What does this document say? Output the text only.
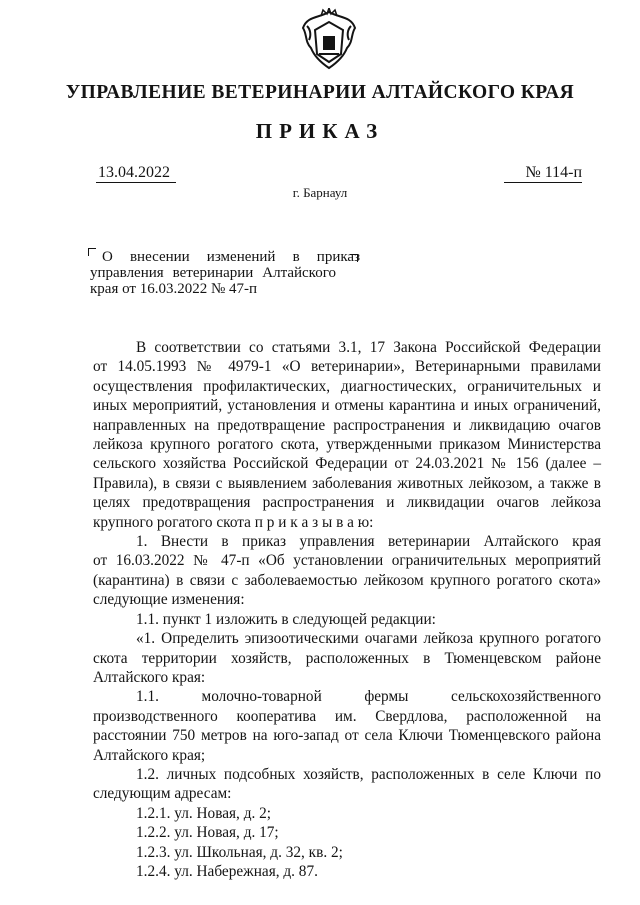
УПРАВЛЕНИЕ ВЕТЕРИНАРИИ АЛТАЙСКОГО КРАЯ
ПРИКАЗ
13.04.2022	№ 114-п
г. Барнаул
О внесении изменений в приказ
управления ветеринарии Алтайского
края от 16.03.2022 № 47-п
В соответствии со статьями 3.1, 17 Закона Российской Федерации
от 14.05.1993 № 4979-1 «О ветеринарии», Ветеринарными правилами
осуществления профилактических, диагностических, ограничительных и
иных мероприятий, установления и отмены карантина и иных ограничений,
направленных на предотвращение распространения и ликвидацию очагов
лейкоза крупного рогатого скота, утвержденными приказом Министерства
сельского хозяйства Российской Федерации от 24.03.2021 № 156 (далее –
Правила), в связи с выявлением заболевания животных лейкозом, а также в
целях предотвращения распространения и ликвидации очагов лейкоза
крупного рогатого скота п р и к а з ы в а ю:
1. Внести в приказ управления ветеринарии Алтайского края
от 16.03.2022 № 47-п «Об установлении ограничительных мероприятий
(карантина) в связи с заболеваемостью лейкозом крупного рогатого скота»
следующие изменения:
1.1. пункт 1 изложить в следующей редакции:
«1. Определить эпизоотическими очагами лейкоза крупного рогатого
скота территории хозяйств, расположенных в Тюменцевском районе
Алтайского края:
1.1. молочно-товарной фермы сельскохозяйственного
производственного кооператива им. Свердлова, расположенной на
расстоянии 750 метров на юго-запад от села Ключи Тюменцевского района
Алтайского края;
1.2. личных подсобных хозяйств, расположенных в селе Ключи по
следующим адресам:
1.2.1. ул. Новая, д. 2;
1.2.2. ул. Новая, д. 17;
1.2.3. ул. Школьная, д. 32, кв. 2;
1.2.4. ул. Набережная, д. 87.
